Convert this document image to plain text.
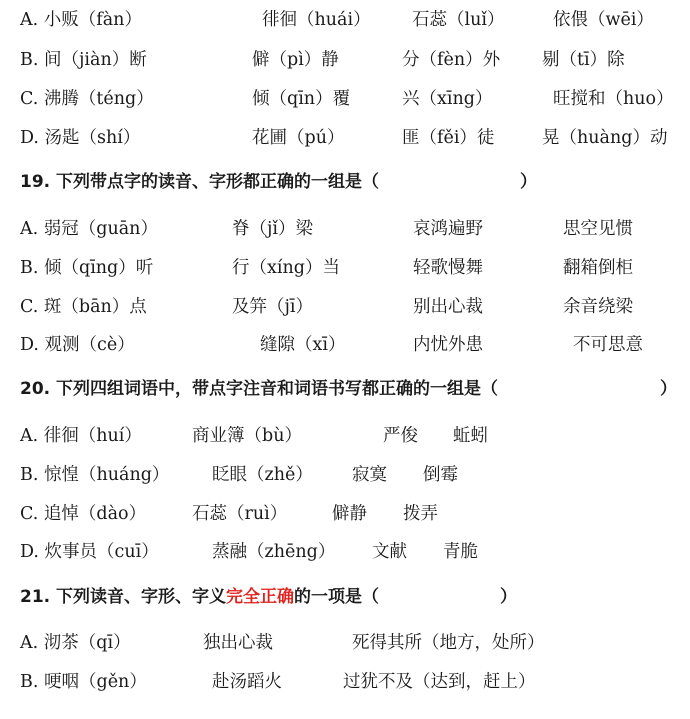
A. 小贩（fàn）	徘徊（huái） 石蕊（luǐ）	依偎（wēi）
B. 间（jiàn）断	僻（pì）静	分（fèn）外 剔（tī）除
C. 沸腾（téng）	倾（qīn）覆	兴（xīng）	旺搅和（huo）
D. 汤匙（shí）	花圃（pú）	匪（fěi）徒	晃（huàng）动
19. 下列带点字的读音、字形都正确的一组是（	）
A. 弱冠（guān）	脊（jǐ）梁	哀鸿遍野	思空见惯
B. 倾（qīng）听	行（xíng）当	轻歌慢舞	翻箱倒柜
C. 斑（bān）点	及笄（jī）	别出心裁	余音绕梁
D. 观测（cè）	缝隙（xī）	内忧外患	不可思意
20. 下列四组词语中，带点字注音和词语书写都正确的一组是（	）
A. 徘徊（huí）	商业簿（bù）	严俊 蚯蚓
B. 惊惶（huáng） 眨眼（zhě） 寂寞 倒霉
C. 追悼（dào）	石蕊（ruì）	僻静 拨弄
D. 炊事员（cuī）	蒸融（zhēng） 文献 青脆
21. 下列读音、字形、字义完全正确的一项是（	）
A. 沏茶（qī）	独出心裁	死得其所（地方，处所）
B. 哽咽（gěn）	赴汤蹈火	过犹不及（达到，赶上）
